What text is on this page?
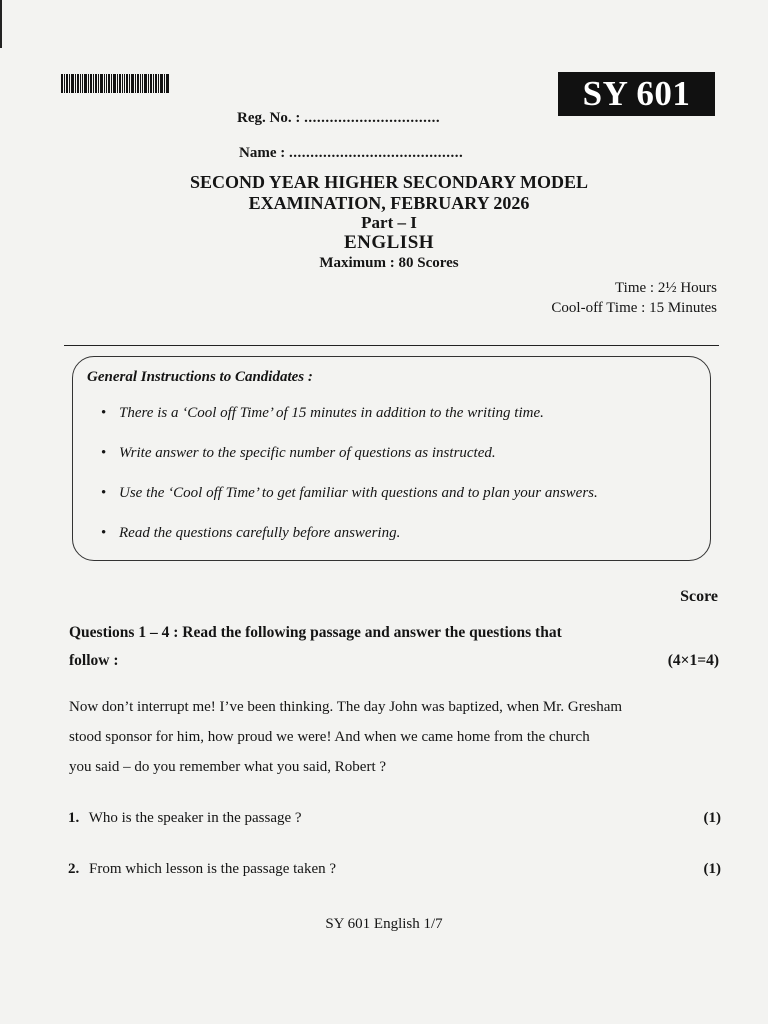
SY 601
Reg. No. : ................................
Name : .........................................
SECOND YEAR HIGHER SECONDARY MODEL
EXAMINATION, FEBRUARY 2026
Part – I
ENGLISH
Maximum : 80 Scores
Time : 2½ Hours
Cool-off Time : 15 Minutes
General Instructions to Candidates :
• There is a ‘Cool off Time’ of 15 minutes in addition to the writing time.
• Write answer to the specific number of questions as instructed.
• Use the ‘Cool off Time’ to get familiar with questions and to plan your answers.
• Read the questions carefully before answering.
Score
Questions 1 – 4 : Read the following passage and answer the questions that
follow :	(4×1=4)
Now don’t interrupt me! I’ve been thinking. The day John was baptized, when Mr. Gresham
stood sponsor for him, how proud we were! And when we came home from the church
you said – do you remember what you said, Robert ?
1. Who is the speaker in the passage ?	(1)
2. From which lesson is the passage taken ?	(1)
SY 601 English 1/7
